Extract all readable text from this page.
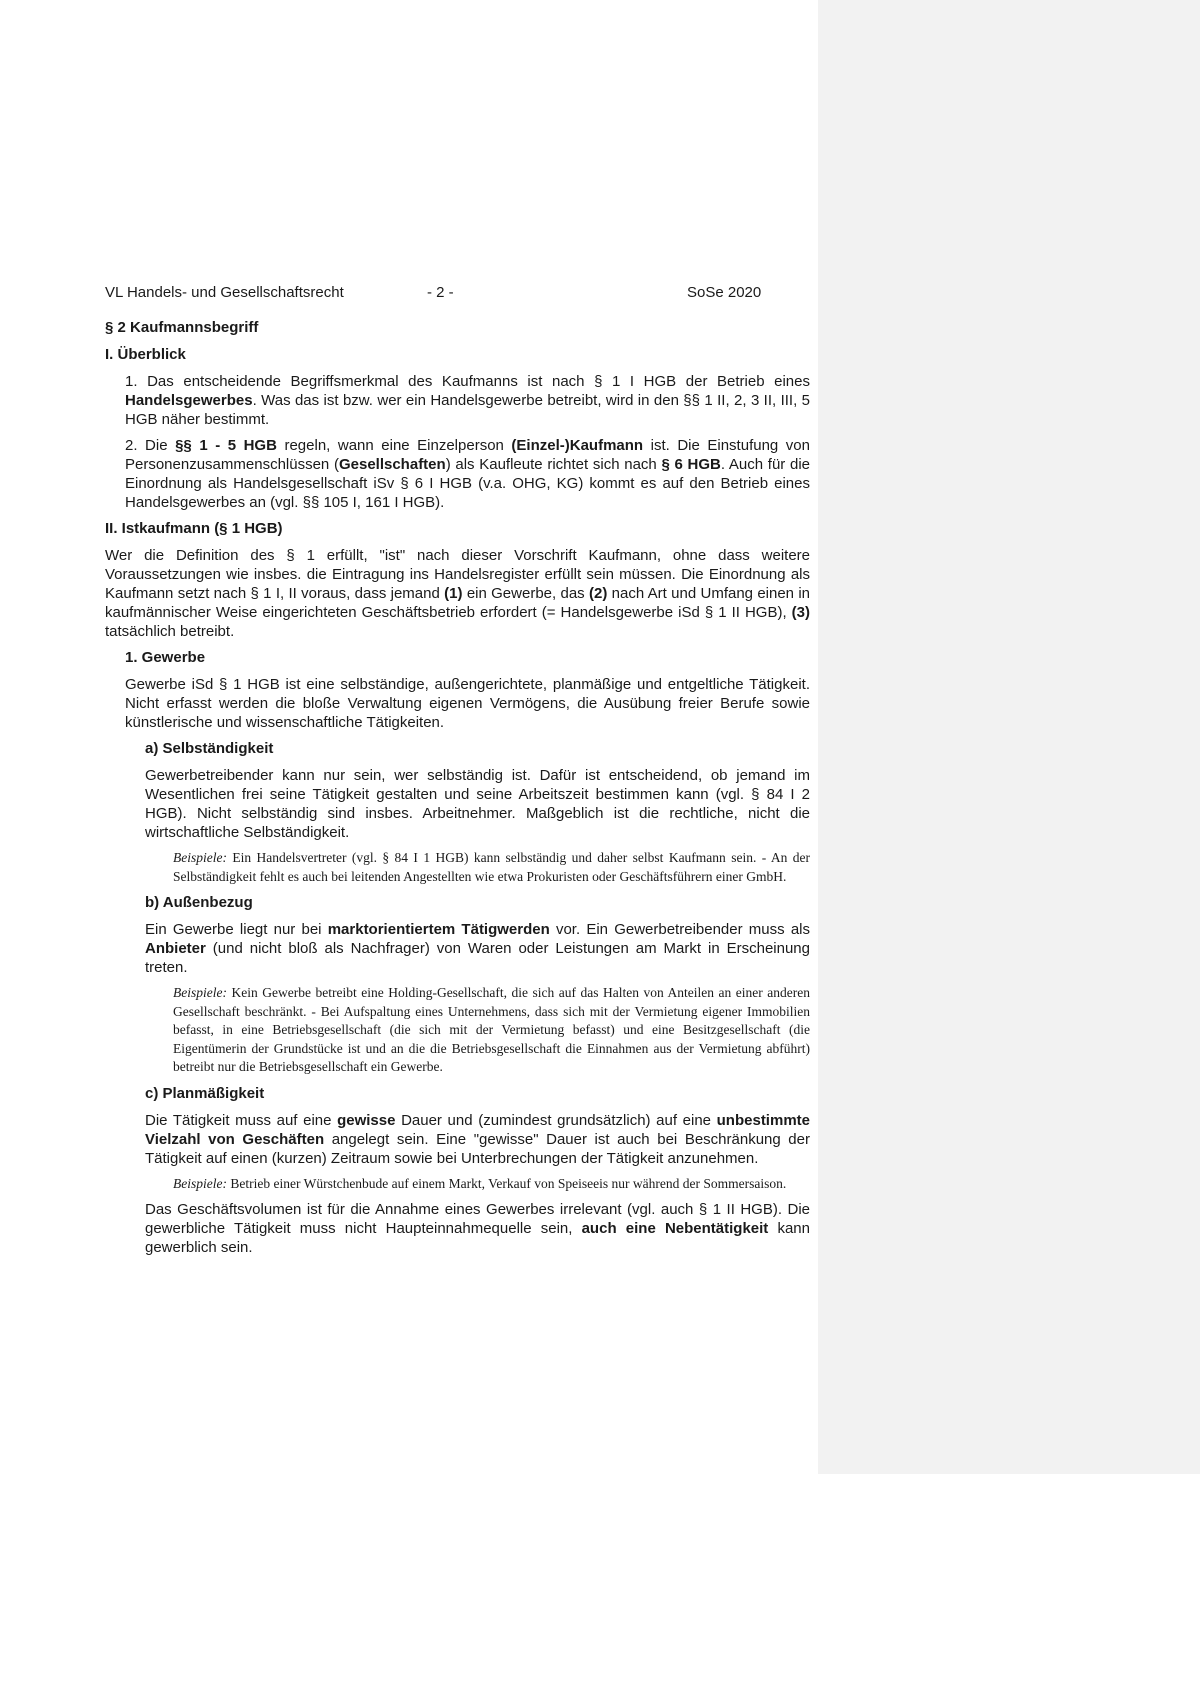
VL Handels- und Gesellschaftsrecht	- 2 -	SoSe 2020

§ 2 Kaufmannsbegriff

I. Überblick

1. Das entscheidende Begriffsmerkmal des Kaufmanns ist nach § 1 I HGB der Betrieb eines Handelsgewerbes. Was das ist bzw. wer ein Handelsgewerbe betreibt, wird in den §§ 1 II, 2, 3 II, III, 5 HGB näher bestimmt.

2. Die §§ 1 - 5 HGB regeln, wann eine Einzelperson (Einzel-)Kaufmann ist. Die Einstufung von Personenzusammenschlüssen (Gesellschaften) als Kaufleute richtet sich nach § 6 HGB. Auch für die Einordnung als Handelsgesellschaft iSv § 6 I HGB (v.a. OHG, KG) kommt es auf den Betrieb eines Handelsgewerbes an (vgl. §§ 105 I, 161 I HGB).

II. Istkaufmann (§ 1 HGB)

Wer die Definition des § 1 erfüllt, "ist" nach dieser Vorschrift Kaufmann, ohne dass weitere Voraussetzungen wie insbes. die Eintragung ins Handelsregister erfüllt sein müssen. Die Einordnung als Kaufmann setzt nach § 1 I, II voraus, dass jemand (1) ein Gewerbe, das (2) nach Art und Umfang einen in kaufmännischer Weise eingerichteten Geschäftsbetrieb erfordert (= Handelsgewerbe iSd § 1 II HGB), (3) tatsächlich betreibt.

1. Gewerbe

Gewerbe iSd § 1 HGB ist eine selbständige, außengerichtete, planmäßige und entgeltliche Tätigkeit. Nicht erfasst werden die bloße Verwaltung eigenen Vermögens, die Ausübung freier Berufe sowie künstlerische und wissenschaftliche Tätigkeiten.

a) Selbständigkeit

Gewerbetreibender kann nur sein, wer selbständig ist. Dafür ist entscheidend, ob jemand im Wesentlichen frei seine Tätigkeit gestalten und seine Arbeitszeit bestimmen kann (vgl. § 84 I 2 HGB). Nicht selbständig sind insbes. Arbeitnehmer. Maßgeblich ist die rechtliche, nicht die wirtschaftliche Selbständigkeit.

Beispiele: Ein Handelsvertreter (vgl. § 84 I 1 HGB) kann selbständig und daher selbst Kaufmann sein. - An der Selbständigkeit fehlt es auch bei leitenden Angestellten wie etwa Prokuristen oder Geschäftsführern einer GmbH.

b) Außenbezug

Ein Gewerbe liegt nur bei marktorientiertem Tätigwerden vor. Ein Gewerbetreibender muss als Anbieter (und nicht bloß als Nachfrager) von Waren oder Leistungen am Markt in Erscheinung treten.

Beispiele: Kein Gewerbe betreibt eine Holding-Gesellschaft, die sich auf das Halten von Anteilen an einer anderen Gesellschaft beschränkt. - Bei Aufspaltung eines Unternehmens, dass sich mit der Vermietung eigener Immobilien befasst, in eine Betriebsgesellschaft (die sich mit der Vermietung befasst) und eine Besitzgesellschaft (die Eigentümerin der Grundstücke ist und an die die Betriebsgesellschaft die Einnahmen aus der Vermietung abführt) betreibt nur die Betriebsgesellschaft ein Gewerbe.

c) Planmäßigkeit

Die Tätigkeit muss auf eine gewisse Dauer und (zumindest grundsätzlich) auf eine unbestimmte Vielzahl von Geschäften angelegt sein. Eine "gewisse" Dauer ist auch bei Beschränkung der Tätigkeit auf einen (kurzen) Zeitraum sowie bei Unterbrechungen der Tätigkeit anzunehmen.

Beispiele: Betrieb einer Würstchenbude auf einem Markt, Verkauf von Speiseeis nur während der Sommersaison.

Das Geschäftsvolumen ist für die Annahme eines Gewerbes irrelevant (vgl. auch § 1 II HGB). Die gewerbliche Tätigkeit muss nicht Haupteinnahmequelle sein, auch eine Nebentätigkeit kann gewerblich sein.
